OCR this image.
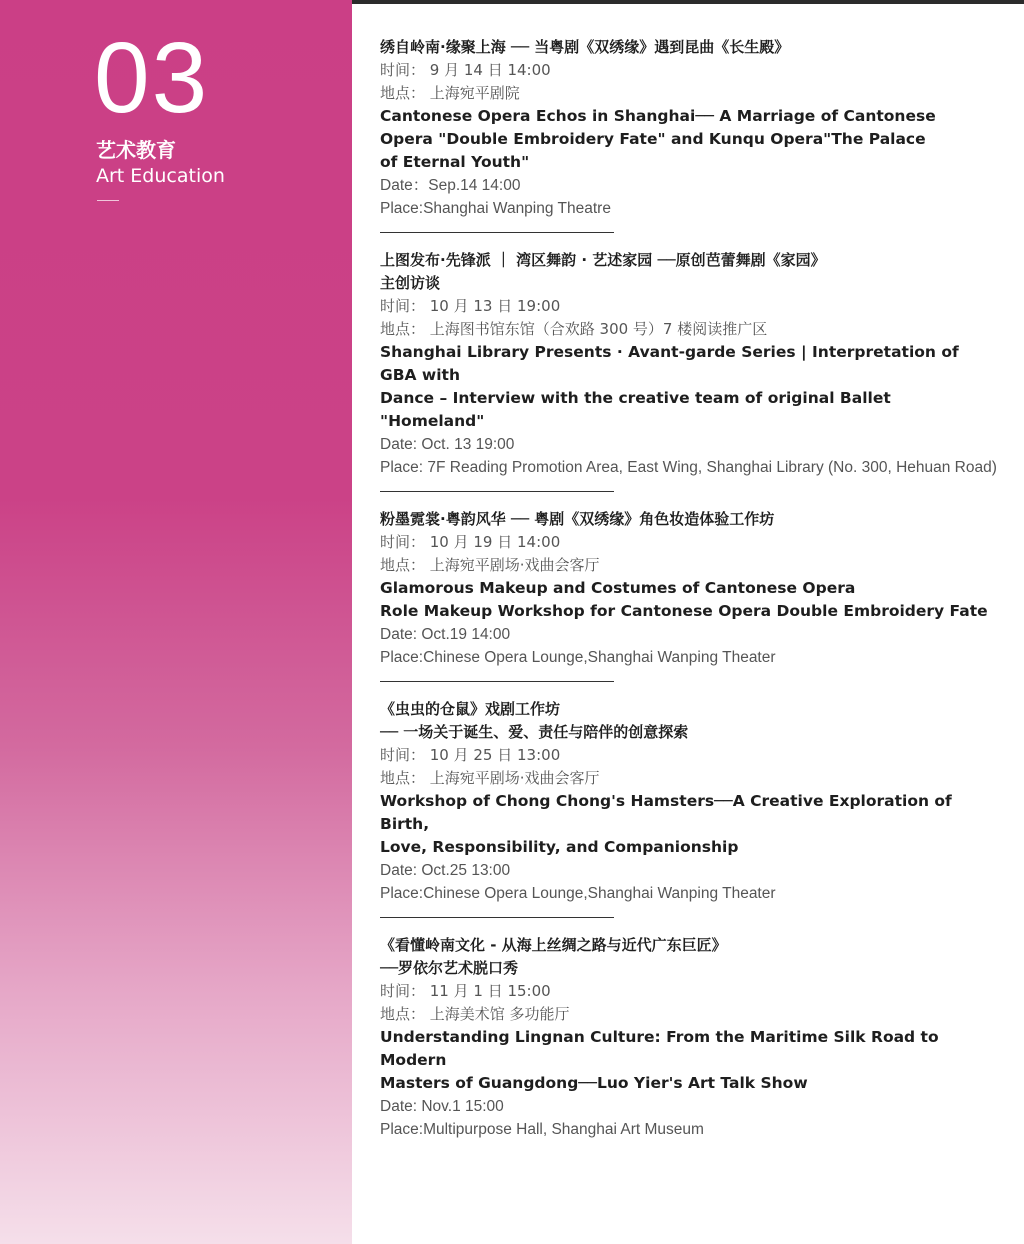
03
艺术教育
Art Education
绣自岭南·缘聚上海 ── 当粤剧《双绣缘》遇到昆曲《长生殿》
时间： 9 月 14 日 14:00
地点： 上海宛平剧院
Cantonese Opera Echos in Shanghai── A Marriage of Cantonese
Opera "Double Embroidery Fate" and Kunqu Opera"The Palace
of Eternal Youth"
Date：Sep.14 14:00
Place:Shanghai Wanping Theatre
上图发布·先锋派 ｜ 湾区舞韵 · 艺述家园 ──原创芭蕾舞剧《家园》
主创访谈
时间： 10 月 13 日 19:00
地点： 上海图书馆东馆（合欢路 300 号）7 楼阅读推广区
Shanghai Library Presents · Avant-garde Series | Interpretation of GBA with
Dance – Interview with the creative team of original Ballet "Homeland"
Date: Oct. 13 19:00
Place: 7F Reading Promotion Area, East Wing, Shanghai Library (No. 300, Hehuan Road)
粉墨霓裳·粤韵风华 ── 粤剧《双绣缘》角色妆造体验工作坊
时间： 10 月 19 日 14:00
地点： 上海宛平剧场·戏曲会客厅
Glamorous Makeup and Costumes of Cantonese Opera
Role Makeup Workshop for Cantonese Opera Double Embroidery Fate
Date: Oct.19 14:00
Place:Chinese Opera Lounge,Shanghai Wanping Theater
《虫虫的仓鼠》戏剧工作坊
── 一场关于诞生、爱、责任与陪伴的创意探索
时间： 10 月 25 日 13:00
地点： 上海宛平剧场·戏曲会客厅
Workshop of Chong Chong's Hamsters──A Creative Exploration of Birth,
Love, Responsibility, and Companionship
Date: Oct.25 13:00
Place:Chinese Opera Lounge,Shanghai Wanping Theater
《看懂岭南文化 - 从海上丝绸之路与近代广东巨匠》
──罗依尔艺术脱口秀
时间： 11 月 1 日 15:00
地点： 上海美术馆 多功能厅
Understanding Lingnan Culture: From the Maritime Silk Road to Modern
Masters of Guangdong──Luo Yier's Art Talk Show
Date: Nov.1 15:00
Place:Multipurpose Hall, Shanghai Art Museum
